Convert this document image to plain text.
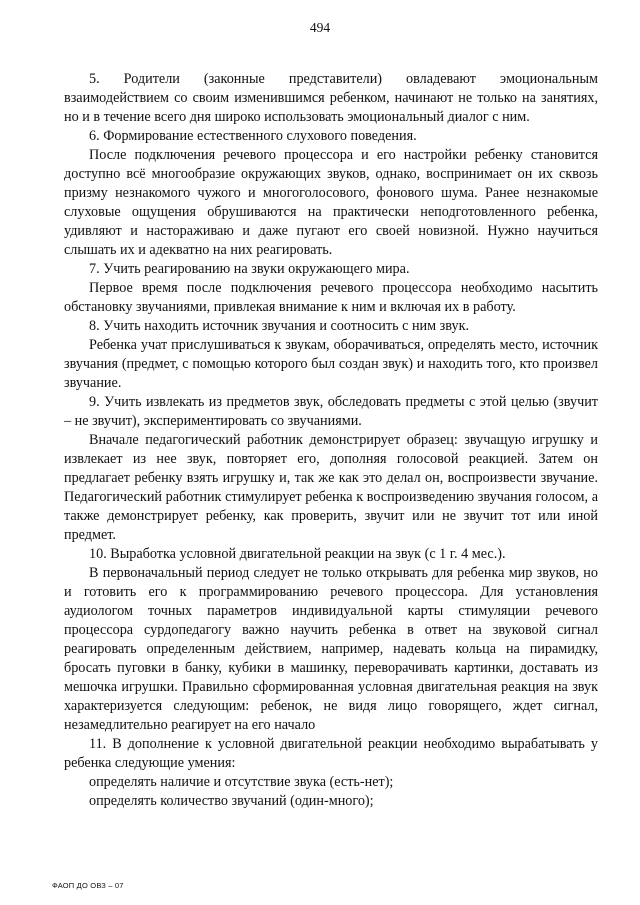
494

5. Родители (законные представители) овладевают эмоциональным взаимодействием со своим изменившимся ребенком, начинают не только на занятиях, но и в течение всего дня широко использовать эмоциональный диалог с ним.

6. Формирование естественного слухового поведения.

После подключения речевого процессора и его настройки ребенку становится доступно всё многообразие окружающих звуков, однако, воспринимает он их сквозь призму незнакомого чужого и многоголосового, фонового шума. Ранее незнакомые слуховые ощущения обрушиваются на практически неподготовленного ребенка, удивляют и настораживаю и даже пугают его своей новизной. Нужно научиться слышать их и адекватно на них реагировать.

7. Учить реагированию на звуки окружающего мира.

Первое время после подключения речевого процессора необходимо насытить обстановку звучаниями, привлекая внимание к ним и включая их в работу.

8. Учить находить источник звучания и соотносить с ним звук.

Ребенка учат прислушиваться к звукам, оборачиваться, определять место, источник звучания (предмет, с помощью которого был создан звук) и находить того, кто произвел звучание.

9. Учить извлекать из предметов звук, обследовать предметы с этой целью (звучит – не звучит), экспериментировать со звучаниями.

Вначале педагогический работник демонстрирует образец: звучащую игрушку и извлекает из нее звук, повторяет его, дополняя голосовой реакцией. Затем он предлагает ребенку взять игрушку и, так же как это делал он, воспроизвести звучание. Педагогический работник стимулирует ребенка к воспроизведению звучания голосом, а также демонстрирует ребенку, как проверить, звучит или не звучит тот или иной предмет.

10. Выработка условной двигательной реакции на звук (с 1 г. 4 мес.).

В первоначальный период следует не только открывать для ребенка мир звуков, но и готовить его к программированию речевого процессора. Для установления аудиологом точных параметров индивидуальной карты стимуляции речевого процессора сурдопедагогу важно научить ребенка в ответ на звуковой сигнал реагировать определенным действием, например, надевать кольца на пирамидку, бросать пуговки в банку, кубики в машинку, переворачивать картинки, доставать из мешочка игрушки. Правильно сформированная условная двигательная реакция на звук характеризуется следующим: ребенок, не видя лицо говорящего, ждет сигнал, незамедлительно реагирует на его начало

11. В дополнение к условной двигательной реакции необходимо вырабатывать у ребенка следующие умения:

определять наличие и отсутствие звука (есть-нет);

определять количество звучаний (один-много);

ФАОП ДО ОВЗ – 07
